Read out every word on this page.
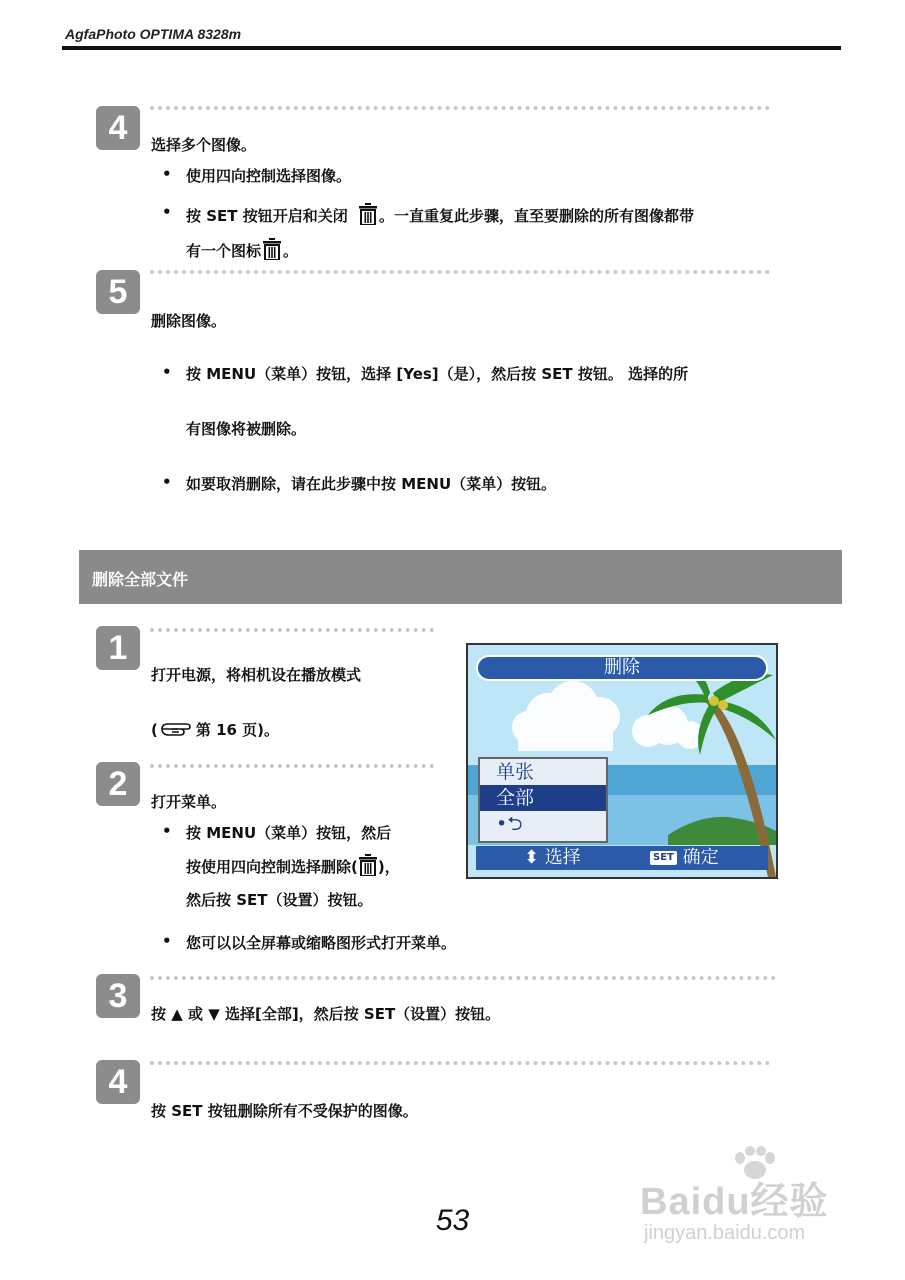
AgfaPhoto OPTIMA 8328m
4	选择多个图像。
• 使用四向控制选择图像。
• 按 SET 按钮开启和关闭 。一直重复此步骤，直至要删除的所有图像都带
有一个图标 。
5
删除图像。
• 按 MENU（菜单）按钮，选择 [Yes]（是），然后按 SET 按钮。 选择的所
有图像将被删除。
• 如要取消删除，请在此步骤中按 MENU（菜单）按钮。
删除全部文件
1
打开电源，将相机设在播放模式
(	第 16 页)。
2	打开菜单。
• 按 MENU（菜单）按钮，然后
按使用四向控制选择删除( )，
然后按 SET（设置）按钮。
• 您可以以全屏幕或缩略图形式打开菜单。
删除
单张
全部
•⮌
⬍ 选择	SET 确定
3	按 ▲ 或 ▼ 选择[全部]，然后按 SET（设置）按钮。
4
按 SET 按钮删除所有不受保护的图像。
Baidu经验
jingyan.baidu.com
53
